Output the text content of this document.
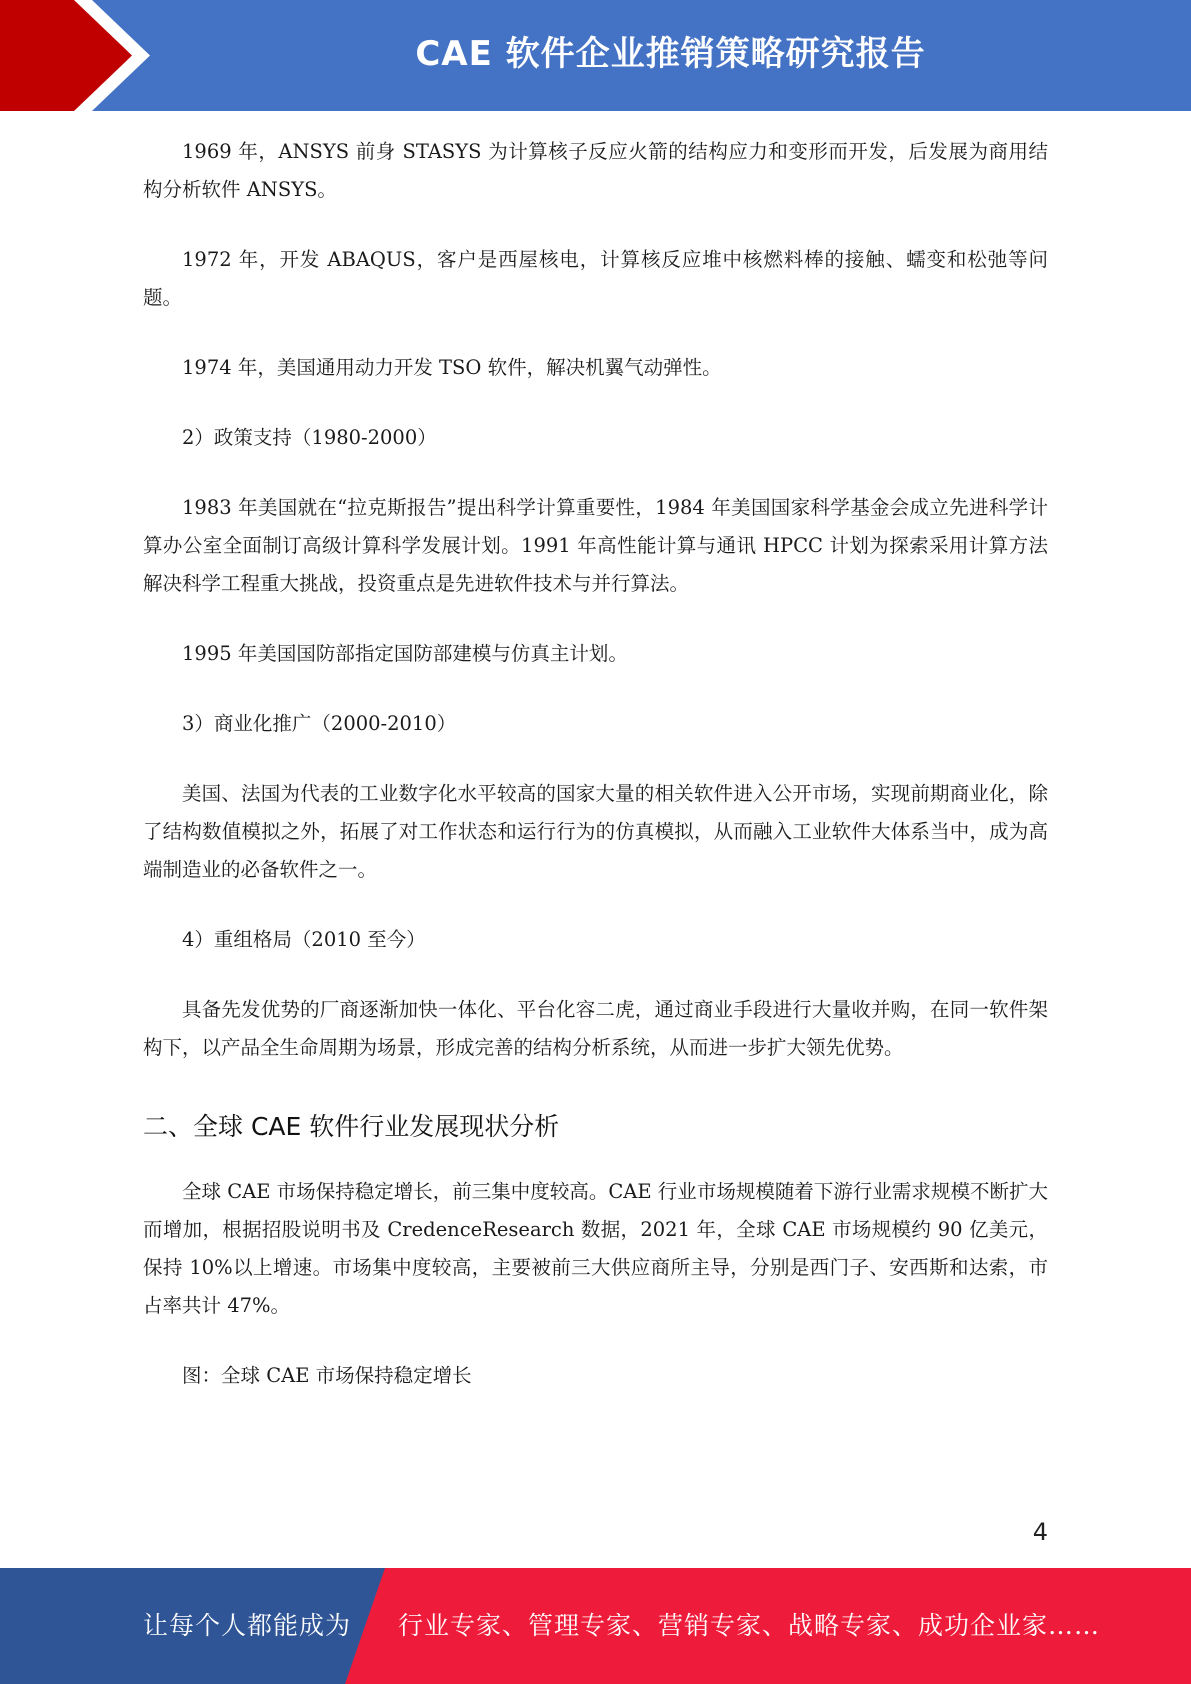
CAE 软件企业推销策略研究报告

1969 年，ANSYS 前身 STASYS 为计算核子反应火箭的结构应力和变形而开发，后发展为商用结构分析软件 ANSYS。

1972 年，开发 ABAQUS，客户是西屋核电，计算核反应堆中核燃料棒的接触、蠕变和松弛等问题。

1974 年，美国通用动力开发 TSO 软件，解决机翼气动弹性。

2）政策支持（1980-2000）

1983 年美国就在“拉克斯报告”提出科学计算重要性，1984 年美国国家科学基金会成立先进科学计算办公室全面制订高级计算科学发展计划。1991 年高性能计算与通讯 HPCC 计划为探索采用计算方法解决科学工程重大挑战，投资重点是先进软件技术与并行算法。

1995 年美国国防部指定国防部建模与仿真主计划。

3）商业化推广（2000-2010）

美国、法国为代表的工业数字化水平较高的国家大量的相关软件进入公开市场，实现前期商业化，除了结构数值模拟之外，拓展了对工作状态和运行行为的仿真模拟，从而融入工业软件大体系当中，成为高端制造业的必备软件之一。

4）重组格局（2010 至今）

具备先发优势的厂商逐渐加快一体化、平台化容二虎，通过商业手段进行大量收并购，在同一软件架构下，以产品全生命周期为场景，形成完善的结构分析系统，从而进一步扩大领先优势。

二、全球 CAE 软件行业发展现状分析

全球 CAE 市场保持稳定增长，前三集中度较高。CAE 行业市场规模随着下游行业需求规模不断扩大而增加，根据招股说明书及 CredenceResearch 数据，2021 年，全球 CAE 市场规模约 90 亿美元，保持 10%以上增速。市场集中度较高，主要被前三大供应商所主导，分别是西门子、安西斯和达索，市占率共计 47%。

图：全球 CAE 市场保持稳定增长

4
让每个人都能成为 行业专家、管理专家、营销专家、战略专家、成功企业家……
